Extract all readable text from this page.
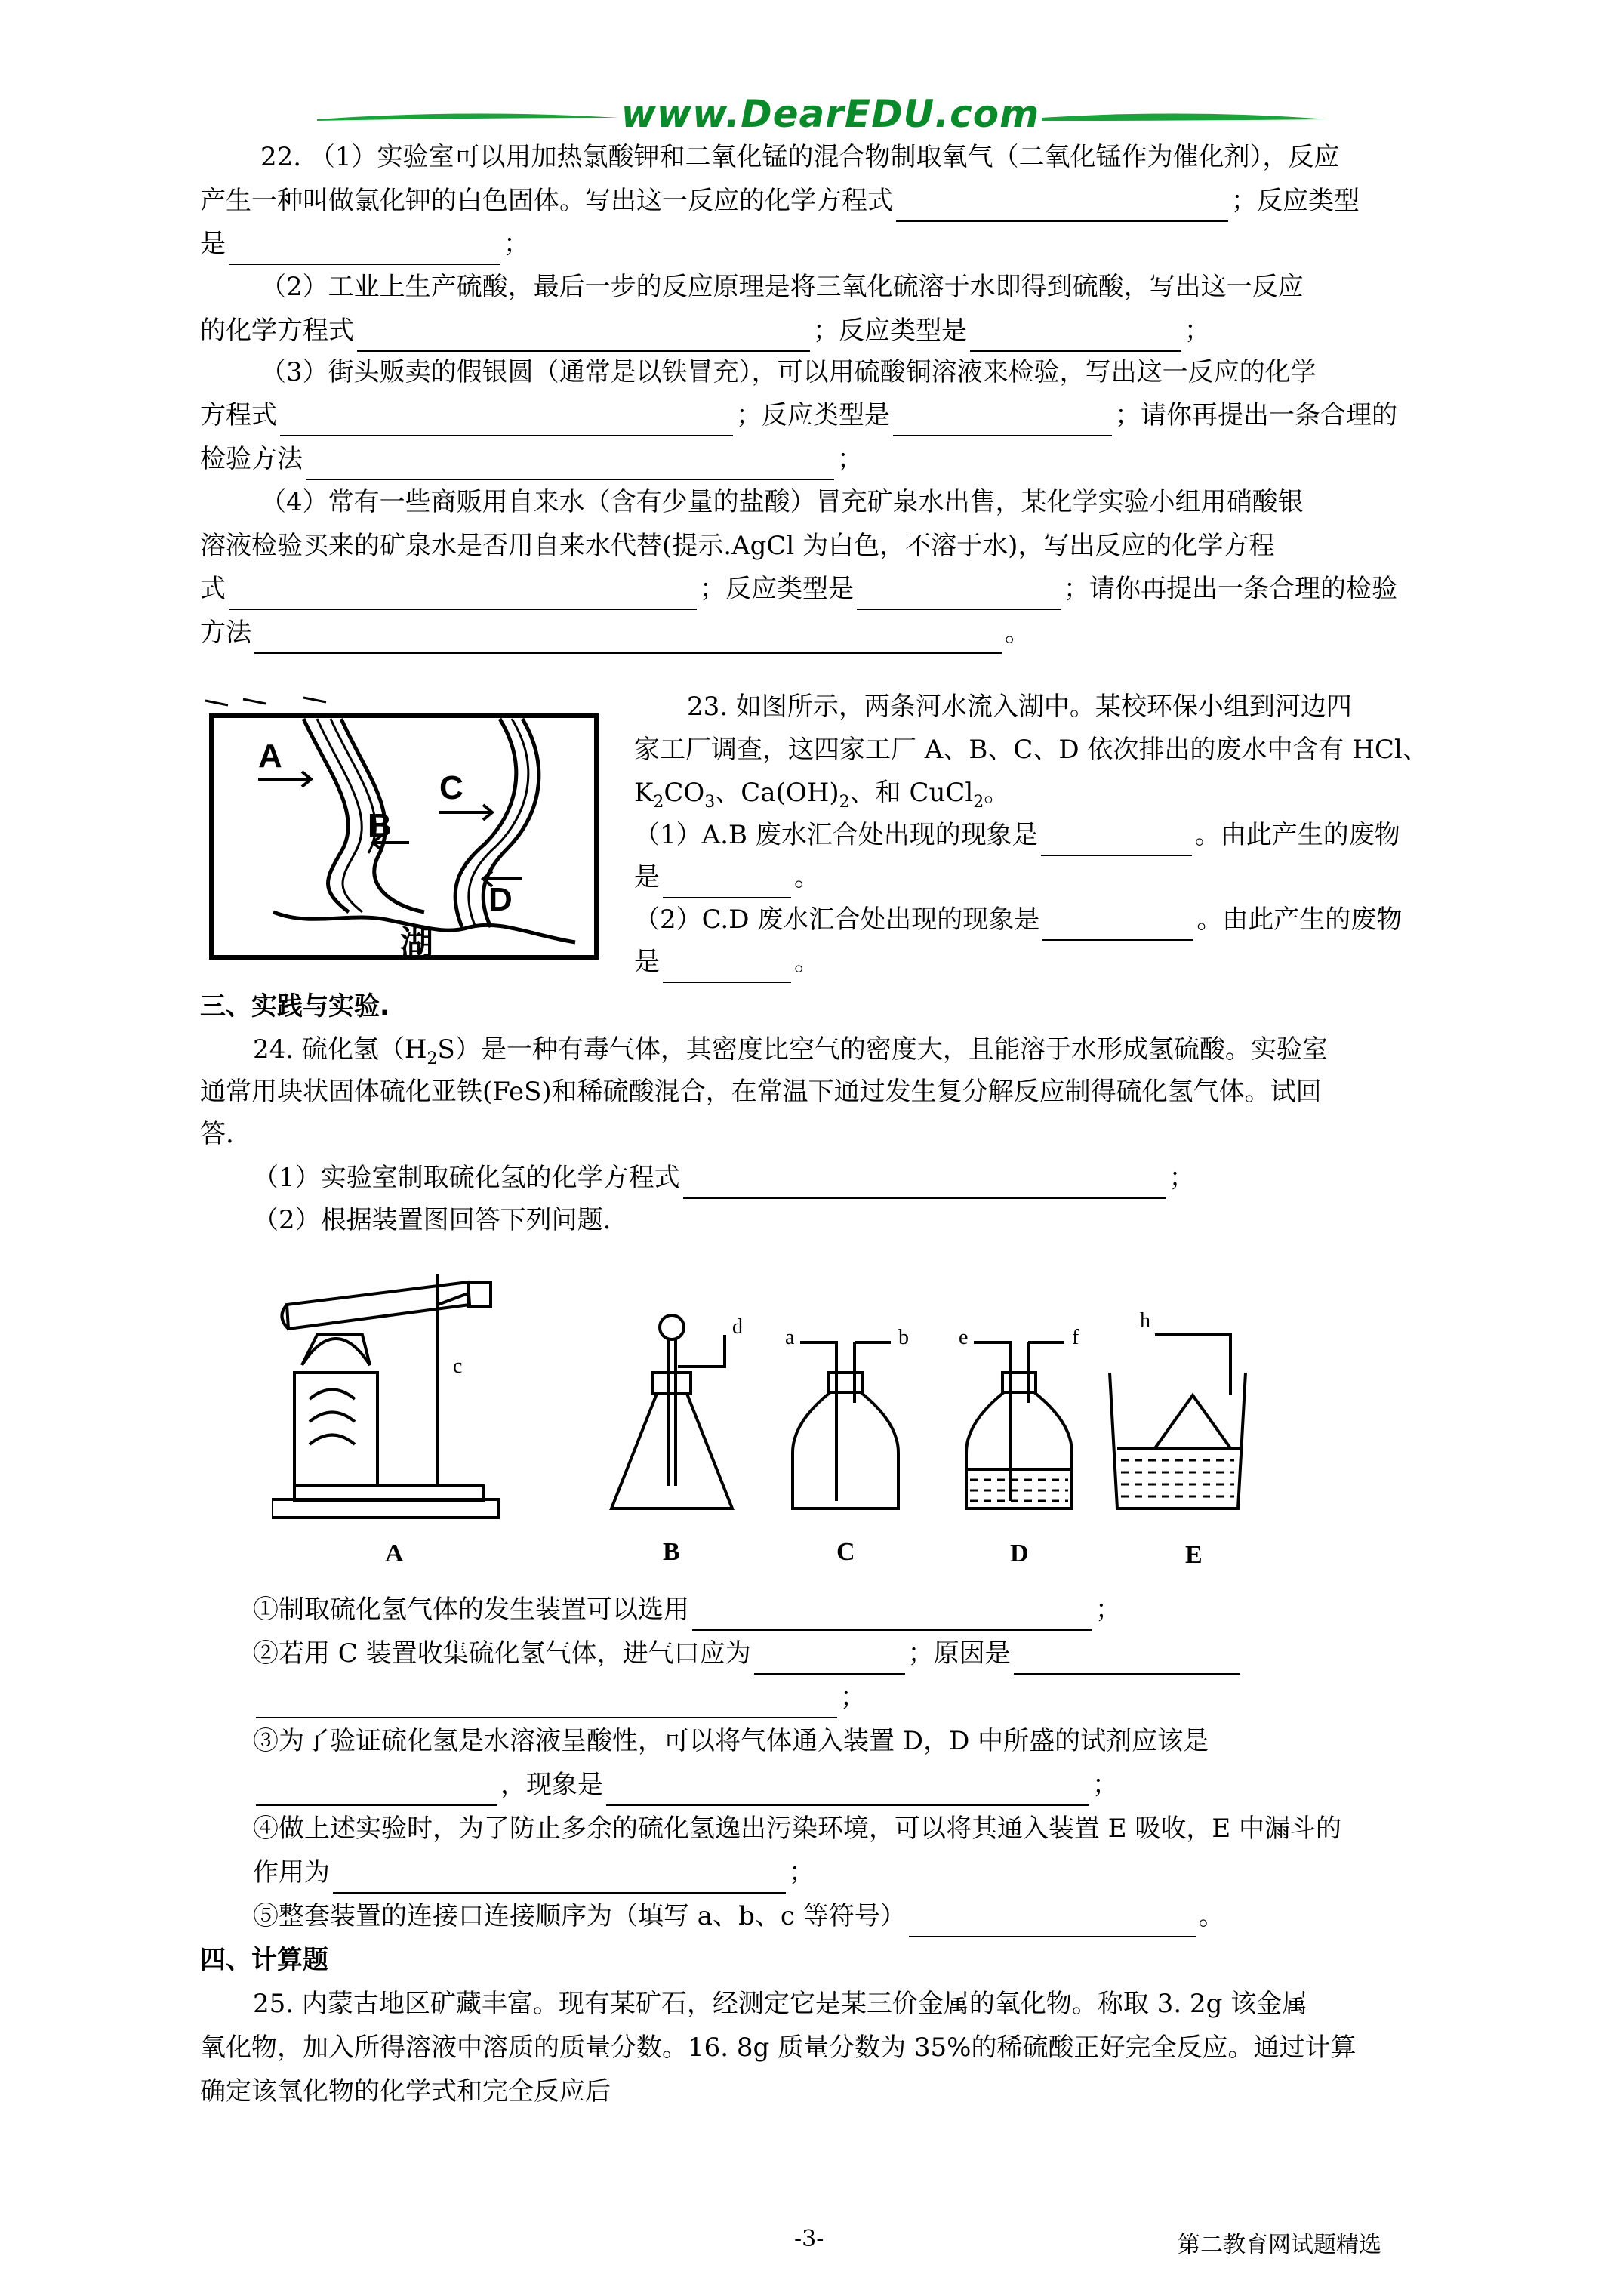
www.DearEDU.com
22. （1）实验室可以用加热氯酸钾和二氧化锰的混合物制取氧气（二氧化锰作为催化剂），反应
产生一种叫做氯化钾的白色固体。写出这一反应的化学方程式	；反应类型
是	；
（2）工业上生产硫酸，最后一步的反应原理是将三氧化硫溶于水即得到硫酸，写出这一反应
的化学方程式	；反应类型是	；
（3）街头贩卖的假银圆（通常是以铁冒充），可以用硫酸铜溶液来检验，写出这一反应的化学
方程式	；反应类型是	；请你再提出一条合理的
检验方法	；
（4）常有一些商贩用自来水（含有少量的盐酸）冒充矿泉水出售，某化学实验小组用硝酸银
溶液检验买来的矿泉水是否用自来水代替(提示.AgCl 为白色，不溶于水)，写出反应的化学方程
式	；反应类型是	；请你再提出一条合理的检验
方法	。
A
B
C
D
湖
23. 如图所示，两条河水流入湖中。某校环保小组到河边四
家工厂调查，这四家工厂 A、B、C、D 依次排出的废水中含有 HCl、
$K_2CO_3$、$Ca(OH)_2$、和 CuCl$_2$。
（1）A.B 废水汇合处出现的现象是	。由此产生的废物
是	。
（2）C.D 废水汇合处出现的现象是	。由此产生的废物
是	。
三、实践与实验.
24. 硫化氢$(H_2S)$是一种有毒气体，其密度比空气的密度大，且能溶于水形成氢硫酸。实验室
通常用块状固体硫化亚铁(FeS)和稀硫酸混合，在常温下通过发生复分解反应制得硫化氢气体。试回
答.
（1）实验室制取硫化氢的化学方程式	；
（2）根据装置图回答下列问题.
c
A
d
B
a	b
C
e	f
D
h
E
①制取硫化氢气体的发生装置可以选用	；
②若用 C 装置收集硫化氢气体，进气口应为	；原因是
；
③为了验证硫化氢是水溶液呈酸性，可以将气体通入装置 D，D 中所盛的试剂应该是
，现象是	；
④做上述实验时，为了防止多余的硫化氢逸出污染环境，可以将其通入装置 E 吸收，E 中漏斗的
作用为	；
⑤整套装置的连接口连接顺序为（填写 a、b、c 等符号）	。
四、计算题
25. 内蒙古地区矿藏丰富。现有某矿石，经测定它是某三价金属的氧化物。称取 3. 2g 该金属
氧化物，加入所得溶液中溶质的质量分数。16. 8g 质量分数为 35%的稀硫酸正好完全反应。通过计算
确定该氧化物的化学式和完全反应后
-3-	第二教育网试题精选
